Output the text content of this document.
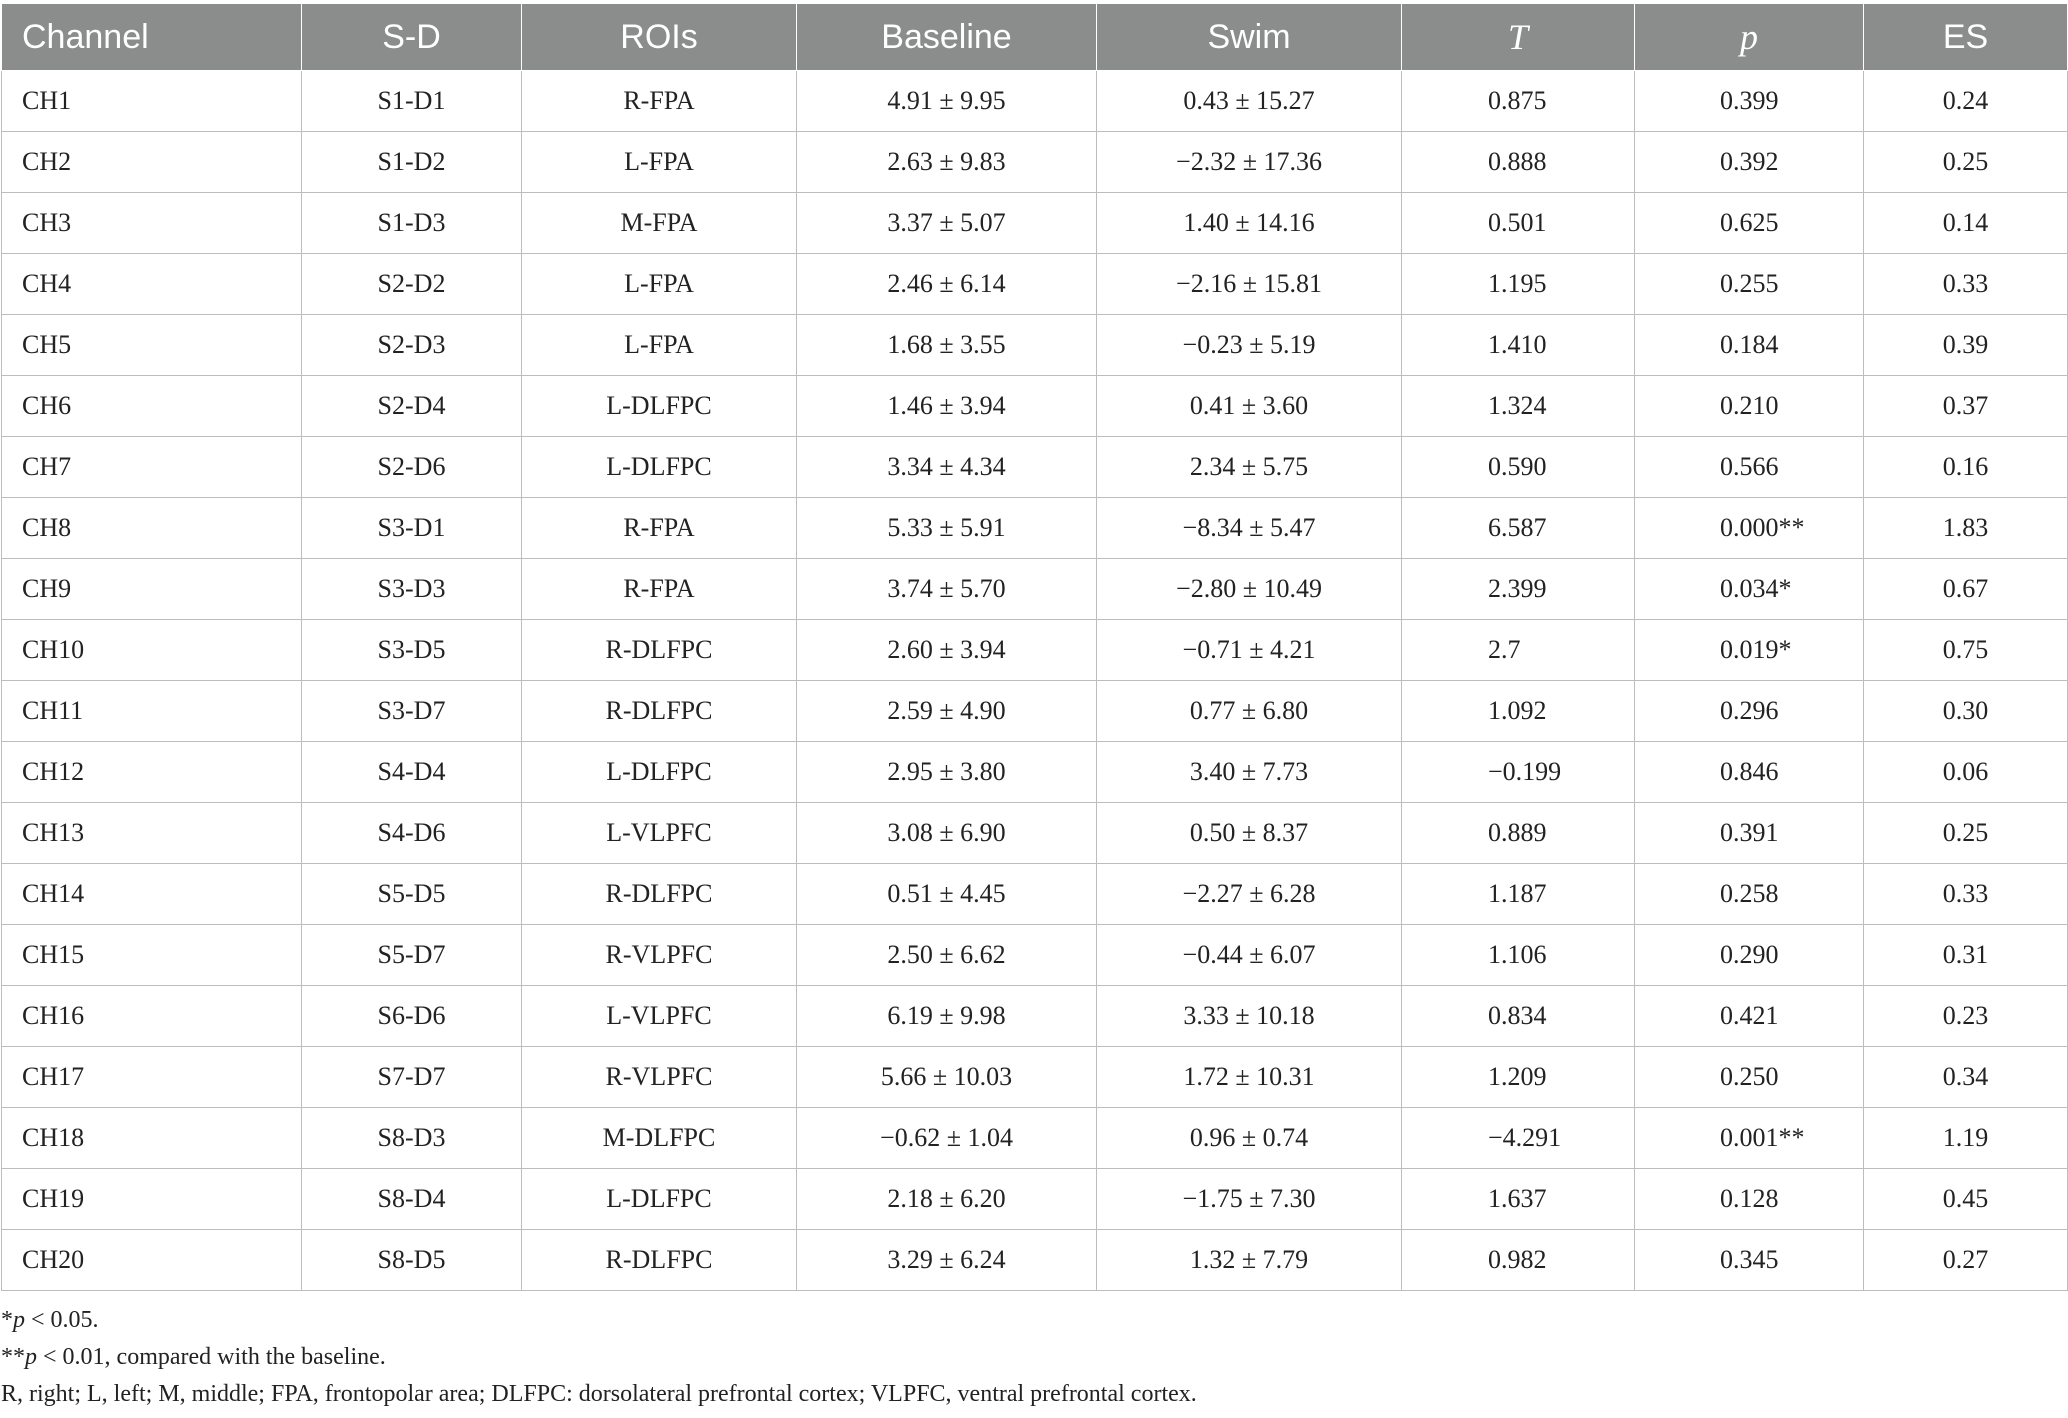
Channel	S-D	ROIs	Baseline	Swim	T	p	ES
CH1	S1-D1	R-FPA	4.91 ± 9.95	0.43 ± 15.27	0.875	0.399	0.24
CH2	S1-D2	L-FPA	2.63 ± 9.83	−2.32 ± 17.36	0.888	0.392	0.25
CH3	S1-D3	M-FPA	3.37 ± 5.07	1.40 ± 14.16	0.501	0.625	0.14
CH4	S2-D2	L-FPA	2.46 ± 6.14	−2.16 ± 15.81	1.195	0.255	0.33
CH5	S2-D3	L-FPA	1.68 ± 3.55	−0.23 ± 5.19	1.410	0.184	0.39
CH6	S2-D4	L-DLFPC	1.46 ± 3.94	0.41 ± 3.60	1.324	0.210	0.37
CH7	S2-D6	L-DLFPC	3.34 ± 4.34	2.34 ± 5.75	0.590	0.566	0.16
CH8	S3-D1	R-FPA	5.33 ± 5.91	−8.34 ± 5.47	6.587	0.000**	1.83
CH9	S3-D3	R-FPA	3.74 ± 5.70	−2.80 ± 10.49	2.399	0.034*	0.67
CH10	S3-D5	R-DLFPC	2.60 ± 3.94	−0.71 ± 4.21	2.7	0.019*	0.75
CH11	S3-D7	R-DLFPC	2.59 ± 4.90	0.77 ± 6.80	1.092	0.296	0.30
CH12	S4-D4	L-DLFPC	2.95 ± 3.80	3.40 ± 7.73	−0.199	0.846	0.06
CH13	S4-D6	L-VLPFC	3.08 ± 6.90	0.50 ± 8.37	0.889	0.391	0.25
CH14	S5-D5	R-DLFPC	0.51 ± 4.45	−2.27 ± 6.28	1.187	0.258	0.33
CH15	S5-D7	R-VLPFC	2.50 ± 6.62	−0.44 ± 6.07	1.106	0.290	0.31
CH16	S6-D6	L-VLPFC	6.19 ± 9.98	3.33 ± 10.18	0.834	0.421	0.23
CH17	S7-D7	R-VLPFC	5.66 ± 10.03	1.72 ± 10.31	1.209	0.250	0.34
CH18	S8-D3	M-DLFPC	−0.62 ± 1.04	0.96 ± 0.74	−4.291	0.001**	1.19
CH19	S8-D4	L-DLFPC	2.18 ± 6.20	−1.75 ± 7.30	1.637	0.128	0.45
CH20	S8-D5	R-DLFPC	3.29 ± 6.24	1.32 ± 7.79	0.982	0.345	0.27
*p < 0.05.
**p < 0.01, compared with the baseline.
R, right; L, left; M, middle; FPA, frontopolar area; DLFPC: dorsolateral prefrontal cortex; VLPFC, ventral prefrontal cortex.
